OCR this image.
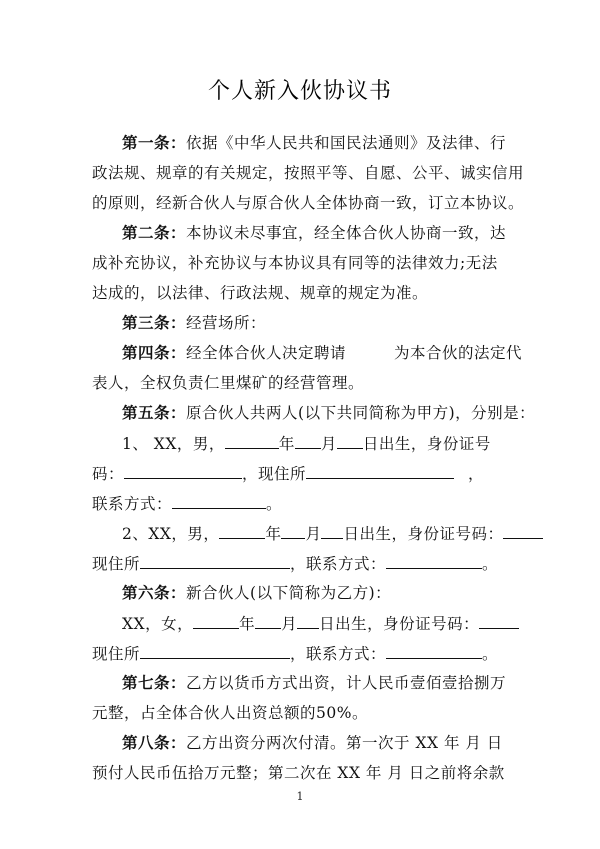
个人新入伙协议书
第一条：依据《中华人民共和国民法通则》及法律、行
政法规、规章的有关规定，按照平等、自愿、公平、诚实信用
的原则，经新合伙人与原合伙人全体协商一致，订立本协议。
第二条：本协议未尽事宜，经全体合伙人协商一致，达
成补充协议，补充协议与本协议具有同等的法律效力;无法
达成的，以法律、行政法规、规章的规定为准。
第三条：经营场所：
第四条：经全体合伙人决定聘请	为本合伙的法定代
表人，全权负责仁里煤矿的经营管理。
第五条：原合伙人共两人(以下共同简称为甲方)，分别是：
1、 XX，男，	年 月 日出生，身份证号
码：	，现住所	，
联系方式：	。
2、XX，男，	年 月 日出生，身份证号码：
现住所	，联系方式：	。
第六条：新合伙人(以下简称为乙方)：
XX，女，	年 月 日出生，身份证号码：
现住所	，联系方式：	。
第七条：乙方以货币方式出资，计人民币壹佰壹拾捌万
元整，占全体合伙人出资总额的50%。
第八条：乙方出资分两次付清。第一次于 XX 年 月 日
预付人民币伍拾万元整；第二次在 XX 年 月 日之前将余款
1
